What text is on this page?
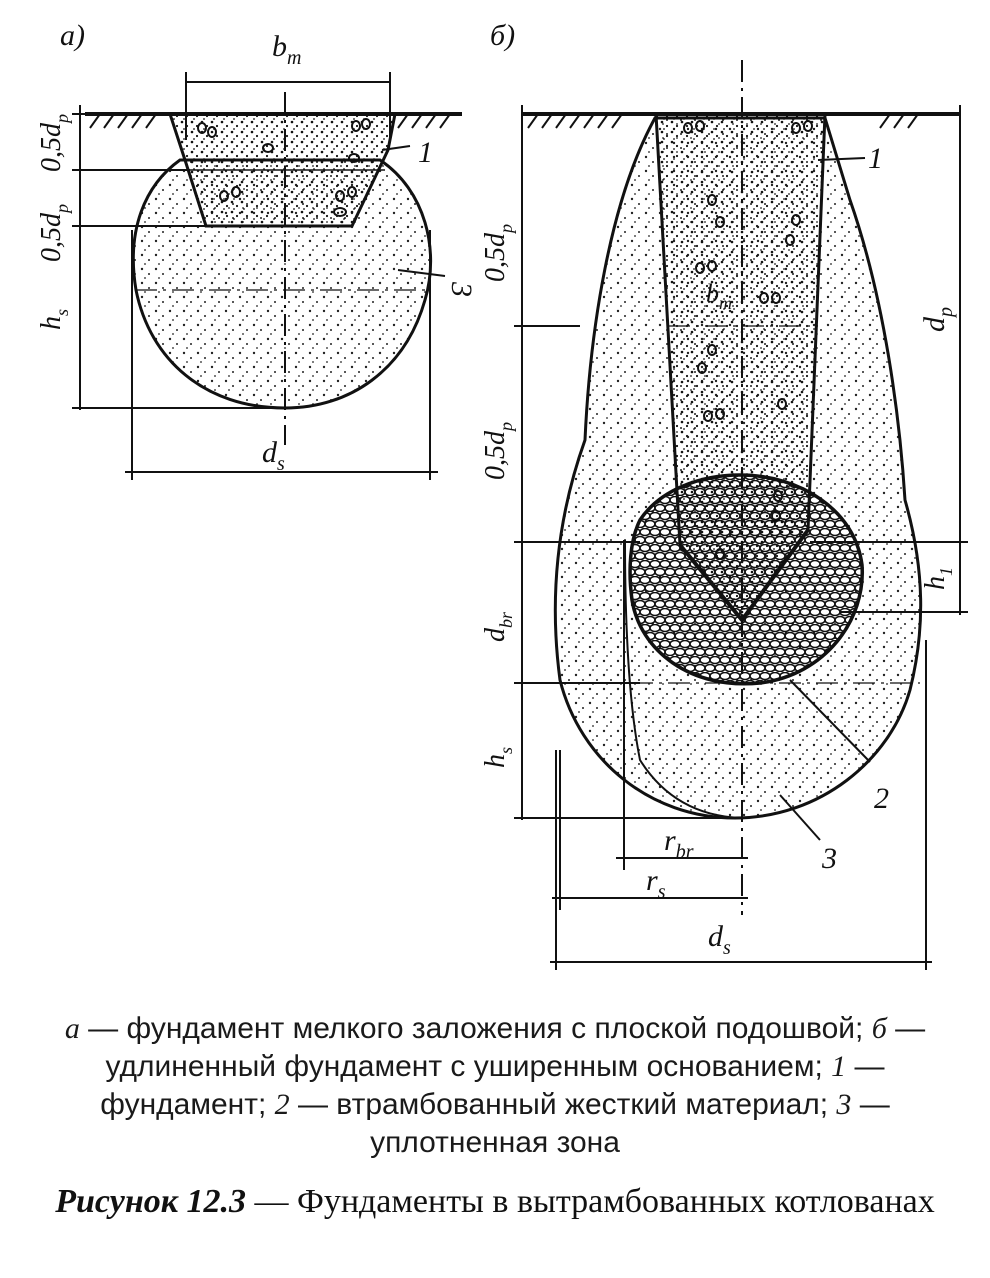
а)	$b_m$
1
3
$d_s$
$0,5d_p$
$0,5d_p$
$h_s$
б)
1
2
3
$b_m$
$r_{br}$
$r_s$
$d_s$
$0,5d_p$
$0,5d_p$
$d_{br}$
$h_s$
$d_p$
$h_1$
а — фундамент мелкого заложения с плоской подошвой; б — удлиненный фундамент с уширенным основанием; 1 — фундамент; 2 — втрамбованный жесткий материал; 3 — уплотненная зона
Рисунок 12.3 — Фундаменты в вытрамбованных котлованах
